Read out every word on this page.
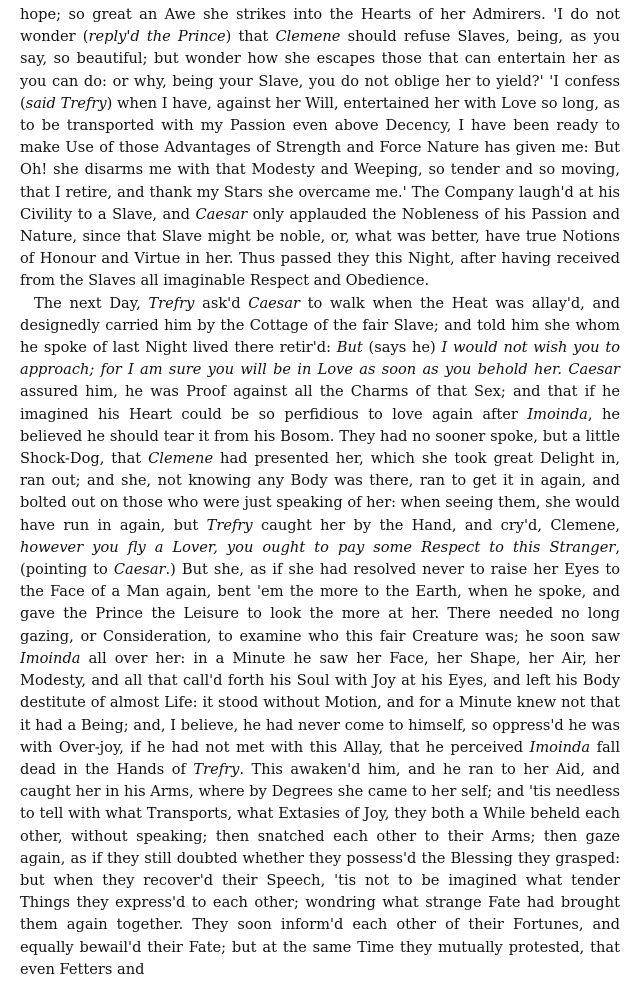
hope; so great an Awe she strikes into the Hearts of her Admirers. 'I do not wonder (reply'd the Prince) that Clemene should refuse Slaves, being, as you say, so beautiful; but wonder how she escapes those that can entertain her as you can do: or why, being your Slave, you do not oblige her to yield?' 'I confess (said Trefry) when I have, against her Will, entertained her with Love so long, as to be transported with my Passion even above Decency, I have been ready to make Use of those Advantages of Strength and Force Nature has given me: But Oh! she disarms me with that Modesty and Weeping, so tender and so moving, that I retire, and thank my Stars she overcame me.' The Company laugh'd at his Civility to a Slave, and Caesar only applauded the Nobleness of his Passion and Nature, since that Slave might be noble, or, what was better, have true Notions of Honour and Virtue in her. Thus passed they this Night, after having received from the Slaves all imaginable Respect and Obedience.

The next Day, Trefry ask'd Caesar to walk when the Heat was allay'd, and designedly carried him by the Cottage of the fair Slave; and told him she whom he spoke of last Night lived there retir'd: But (says he) I would not wish you to approach; for I am sure you will be in Love as soon as you behold her. Caesar assured him, he was Proof against all the Charms of that Sex; and that if he imagined his Heart could be so perfidious to love again after Imoinda, he believed he should tear it from his Bosom. They had no sooner spoke, but a little Shock-Dog, that Clemene had presented her, which she took great Delight in, ran out; and she, not knowing any Body was there, ran to get it in again, and bolted out on those who were just speaking of her: when seeing them, she would have run in again, but Trefry caught her by the Hand, and cry'd, Clemene, however you fly a Lover, you ought to pay some Respect to this Stranger, (pointing to Caesar.) But she, as if she had resolved never to raise her Eyes to the Face of a Man again, bent 'em the more to the Earth, when he spoke, and gave the Prince the Leisure to look the more at her. There needed no long gazing, or Consideration, to examine who this fair Creature was; he soon saw Imoinda all over her: in a Minute he saw her Face, her Shape, her Air, her Modesty, and all that call'd forth his Soul with Joy at his Eyes, and left his Body destitute of almost Life: it stood without Motion, and for a Minute knew not that it had a Being; and, I believe, he had never come to himself, so oppress'd he was with Over-joy, if he had not met with this Allay, that he perceived Imoinda fall dead in the Hands of Trefry. This awaken'd him, and he ran to her Aid, and caught her in his Arms, where by Degrees she came to her self; and 'tis needless to tell with what Transports, what Extasies of Joy, they both a While beheld each other, without speaking; then snatched each other to their Arms; then gaze again, as if they still doubted whether they possess'd the Blessing they grasped: but when they recover'd their Speech, 'tis not to be imagined what tender Things they express'd to each other; wondring what strange Fate had brought them again together. They soon inform'd each other of their Fortunes, and equally bewail'd their Fate; but at the same Time they mutually protested, that even Fetters and
